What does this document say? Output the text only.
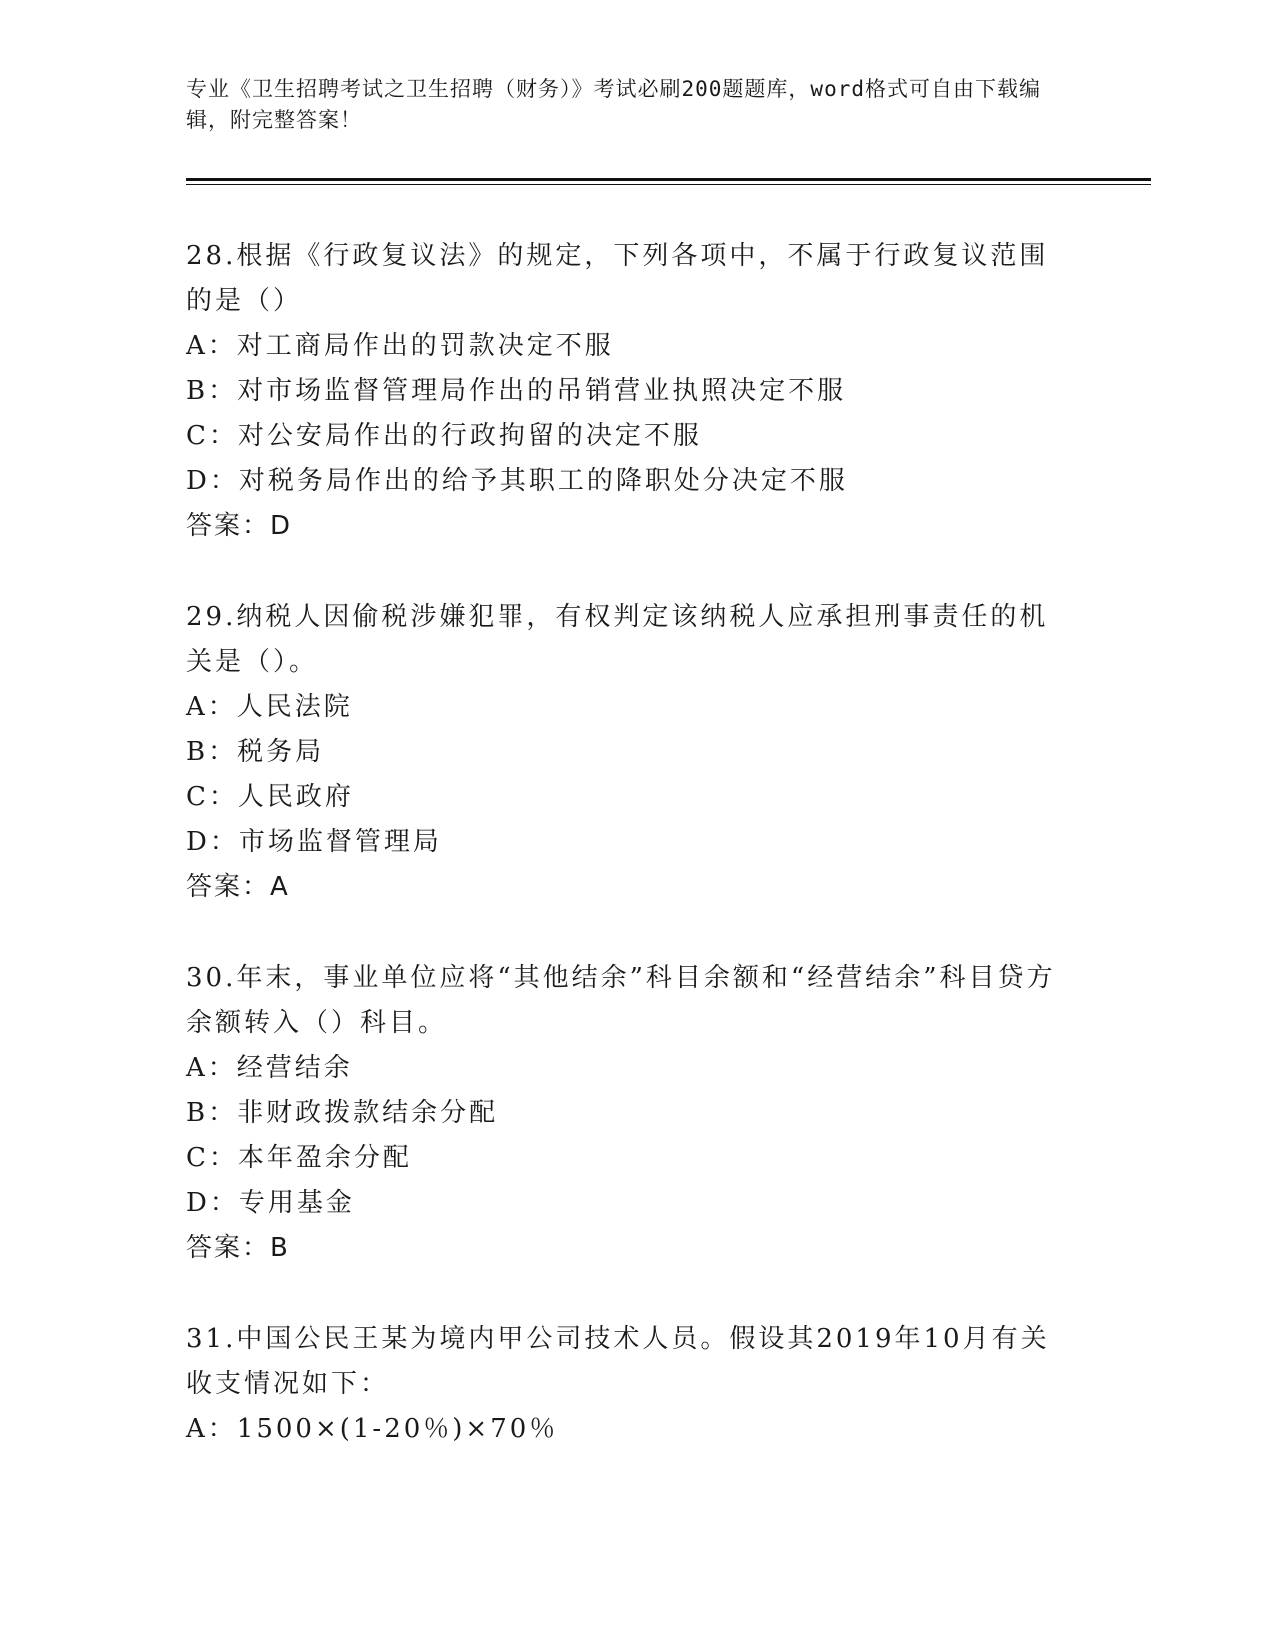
专业《卫生招聘考试之卫生招聘（财务）》考试必刷200题题库，word格式可自由下载编辑，附完整答案！

28.根据《行政复议法》的规定，下列各项中，不属于行政复议范围的是（）

A：对工商局作出的罚款决定不服

B：对市场监督管理局作出的吊销营业执照决定不服

C：对公安局作出的行政拘留的决定不服

D：对税务局作出的给予其职工的降职处分决定不服

答案：D

29.纳税人因偷税涉嫌犯罪，有权判定该纳税人应承担刑事责任的机关是（）。

A：人民法院

B：税务局

C：人民政府

D：市场监督管理局

答案：A

30.年末，事业单位应将“其他结余”科目余额和“经营结余”科目贷方余额转入（）科目。

A：经营结余

B：非财政拨款结余分配

C：本年盈余分配

D：专用基金

答案：B

31.中国公民王某为境内甲公司技术人员。假设其2019年10月有关收支情况如下：

A：1500×(1-20％)×70％
